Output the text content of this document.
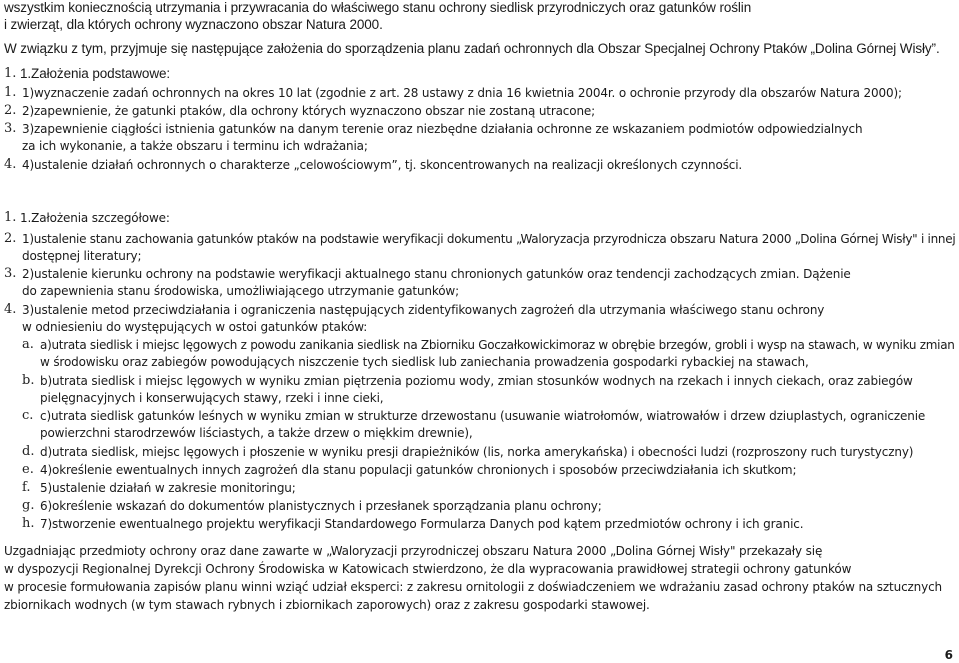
wszystkim koniecznością utrzymania i przywracania do właściwego stanu ochrony siedlisk przyrodniczych oraz gatunków roślin
i zwierząt, dla których ochrony wyznaczono obszar Natura 2000.
W związku z tym, przyjmuje się następujące założenia do sporządzenia planu zadań ochronnych dla Obszar Specjalnej Ochrony Ptaków „Dolina Górnej Wisły”.
1. 1.Założenia podstawowe:
1. 1)wyznaczenie zadań ochronnych na okres 10 lat (zgodnie z art. 28 ustawy z dnia 16 kwietnia 2004r. o ochronie przyrody dla obszarów Natura 2000);
2. 2)zapewnienie, że gatunki ptaków, dla ochrony których wyznaczono obszar nie zostaną utracone;
3. 3)zapewnienie ciągłości istnienia gatunków na danym terenie oraz niezbędne działania ochronne ze wskazaniem podmiotów odpowiedzialnych
za ich wykonanie, a także obszaru i terminu ich wdrażania;
4. 4)ustalenie działań ochronnych o charakterze „celowościowym”, tj. skoncentrowanych na realizacji określonych czynności.
1. 1.Założenia szczegółowe:
2. 1)ustalenie stanu zachowania gatunków ptaków na podstawie weryfikacji dokumentu „Waloryzacja przyrodnicza obszaru Natura 2000 „Dolina Górnej Wisły" i innej
dostępnej literatury;
3. 2)ustalenie kierunku ochrony na podstawie weryfikacji aktualnego stanu chronionych gatunków oraz tendencji zachodzących zmian. Dążenie
do zapewnienia stanu środowiska, umożliwiającego utrzymanie gatunków;
4. 3)ustalenie metod przeciwdziałania i ograniczenia następujących zidentyfikowanych zagrożeń dla utrzymania właściwego stanu ochrony
w odniesieniu do występujących w ostoi gatunków ptaków:
a. a)utrata siedlisk i miejsc lęgowych z powodu zanikania siedlisk na Zbiorniku Goczałkowickimoraz w obrębie brzegów, grobli i wysp na stawach, w wyniku zmian
w środowisku oraz zabiegów powodujących niszczenie tych siedlisk lub zaniechania prowadzenia gospodarki rybackiej na stawach,
b. b)utrata siedlisk i miejsc lęgowych w wyniku zmian piętrzenia poziomu wody, zmian stosunków wodnych na rzekach i innych ciekach, oraz zabiegów
pielęgnacyjnych i konserwujących stawy, rzeki i inne cieki,
c. c)utrata siedlisk gatunków leśnych w wyniku zmian w strukturze drzewostanu (usuwanie wiatrołomów, wiatrowałów i drzew dziuplastych, ograniczenie
powierzchni starodrzewów liściastych, a także drzew o miękkim drewnie),
d. d)utrata siedlisk, miejsc lęgowych i płoszenie w wyniku presji drapieżników (lis, norka amerykańska) i obecności ludzi (rozproszony ruch turystyczny)
e. 4)określenie ewentualnych innych zagrożeń dla stanu populacji gatunków chronionych i sposobów przeciwdziałania ich skutkom;
f. 5)ustalenie działań w zakresie monitoringu;
g. 6)określenie wskazań do dokumentów planistycznych i przesłanek sporządzania planu ochrony;
h. 7)stworzenie ewentualnego projektu weryfikacji Standardowego Formularza Danych pod kątem przedmiotów ochrony i ich granic.
Uzgadniając przedmioty ochrony oraz dane zawarte w „Waloryzacji przyrodniczej obszaru Natura 2000 „Dolina Górnej Wisły" przekazały się
w dyspozycji Regionalnej Dyrekcji Ochrony Środowiska w Katowicach stwierdzono, że dla wypracowania prawidłowej strategii ochrony gatunków
w procesie formułowania zapisów planu winni wziąć udział eksperci: z zakresu ornitologii z doświadczeniem we wdrażaniu zasad ochrony ptaków na sztucznych
zbiornikach wodnych (w tym stawach rybnych i zbiornikach zaporowych) oraz z zakresu gospodarki stawowej.
6
